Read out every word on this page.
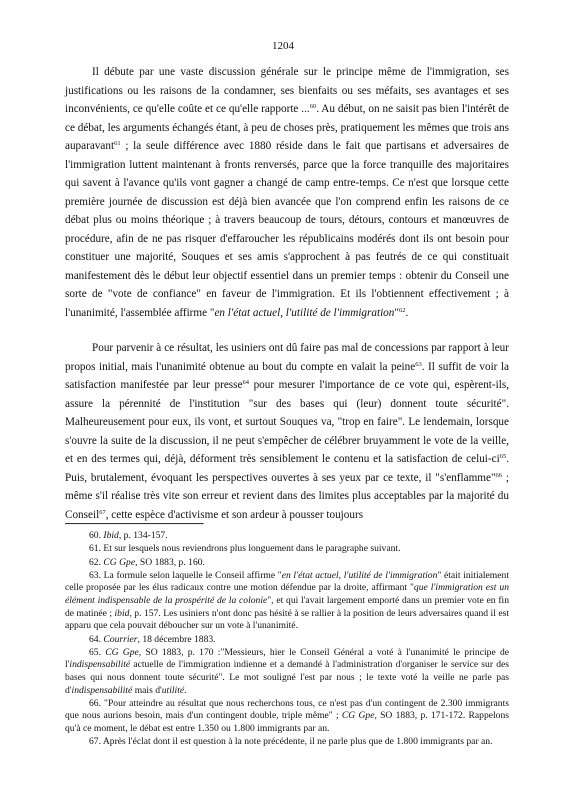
1204

Il débute par une vaste discussion générale sur le principe même de l'immigration, ses justifications ou les raisons de la condamner, ses bienfaits ou ses méfaits, ses avantages et ses inconvénients, ce qu'elle coûte et ce qu'elle rapporte ...$^{60}$. Au début, on ne saisit pas bien l'intérêt de ce débat, les arguments échangés étant, à peu de choses près, pratiquement les mêmes que trois ans auparavant$^{61}$ ; la seule différence avec 1880 réside dans le fait que partisans et adversaires de l'immigration luttent maintenant à fronts renversés, parce que la force tranquille des majoritaires qui savent à l'avance qu'ils vont gagner a changé de camp entre-temps. Ce n'est que lorsque cette première journée de discussion est déjà bien avancée que l'on comprend enfin les raisons de ce débat plus ou moins théorique ; à travers beaucoup de tours, détours, contours et manœuvres de procédure, afin de ne pas risquer d'effaroucher les républicains modérés dont ils ont besoin pour constituer une majorité, Souques et ses amis s'approchent à pas feutrés de ce qui constituait manifestement dès le début leur objectif essentiel dans un premier temps : obtenir du Conseil une sorte de "vote de confiance" en faveur de l'immigration. Et ils l'obtiennent effectivement ; à l'unanimité, l'assemblée affirme "en l'état actuel, l'utilité de l'immigration"$^{62}$.

Pour parvenir à ce résultat, les usiniers ont dû faire pas mal de concessions par rapport à leur propos initial, mais l'unanimité obtenue au bout du compte en valait la peine$^{63}$. Il suffit de voir la satisfaction manifestée par leur presse$^{64}$ pour mesurer l'importance de ce vote qui, espèrent-ils, assure la pérennité de l'institution "sur des bases qui (leur) donnent toute sécurité". Malheureusement pour eux, ils vont, et surtout Souques va, "trop en faire". Le lendemain, lorsque s'ouvre la suite de la discussion, il ne peut s'empêcher de célébrer bruyamment le vote de la veille, et en des termes qui, déjà, déforment très sensiblement le contenu et la satisfaction de celui-$ci^{65}$. Puis, brutalement, évoquant les perspectives ouvertes à ses yeux par ce texte, il "s'enflamme"$^{66}$ ; même s'il réalise très vite son erreur et revient dans des limites plus acceptables par la majorité du Conseil$^{67}$, cette espèce d'activisme et son ardeur à pousser toujours

60. Ibid, p. 134-157.

61. Et sur lesquels nous reviendrons plus longuement dans le paragraphe suivant.

62. CG Gpe, SO 1883, p. 160.

63. La formule selon laquelle le Conseil affirme "en l'état actuel, l'utilité de l'immigration" était initialement celle proposée par les élus radicaux contre une motion défendue par la droite, affirmant "que l'immigration est un élément indispensable de la prospérité de la colonie", et qui l'avait largement emporté dans un premier vote en fin de matinée ; ibid, p. 157. Les usiniers n'ont donc pas hésité à se rallier à la position de leurs adversaires quand il est apparu que cela pouvait déboucher sur un vote à l'unanimité.

64. Courrier, 18 décembre 1883.

65. CG Gpe, SO 1883, p. 170 :"Messieurs, hier le Conseil Général a voté à l'unanimité le principe de l'indispensabilité actuelle de l'immigration indienne et a demandé à l'administration d'organiser le service sur des bases qui nous donnent toute sécurité". Le mot souligné l'est par nous ; le texte voté la veille ne parle pas d'indispensabilité mais d'utilité.

66. "Pour atteindre au résultat que nous recherchons tous, ce n'est pas d'un contingent de 2.300 immigrants que nous aurions besoin, mais d'un contingent double, triple même" ; CG Gpe, SO 1883, p. 171-172. Rappelons qu'à ce moment, le débat est entre 1.350 ou 1.800 immigrants par an.

67. Après l'éclat dont il est question à la note précédente, il ne parle plus que de 1.800 immigrants par an.
